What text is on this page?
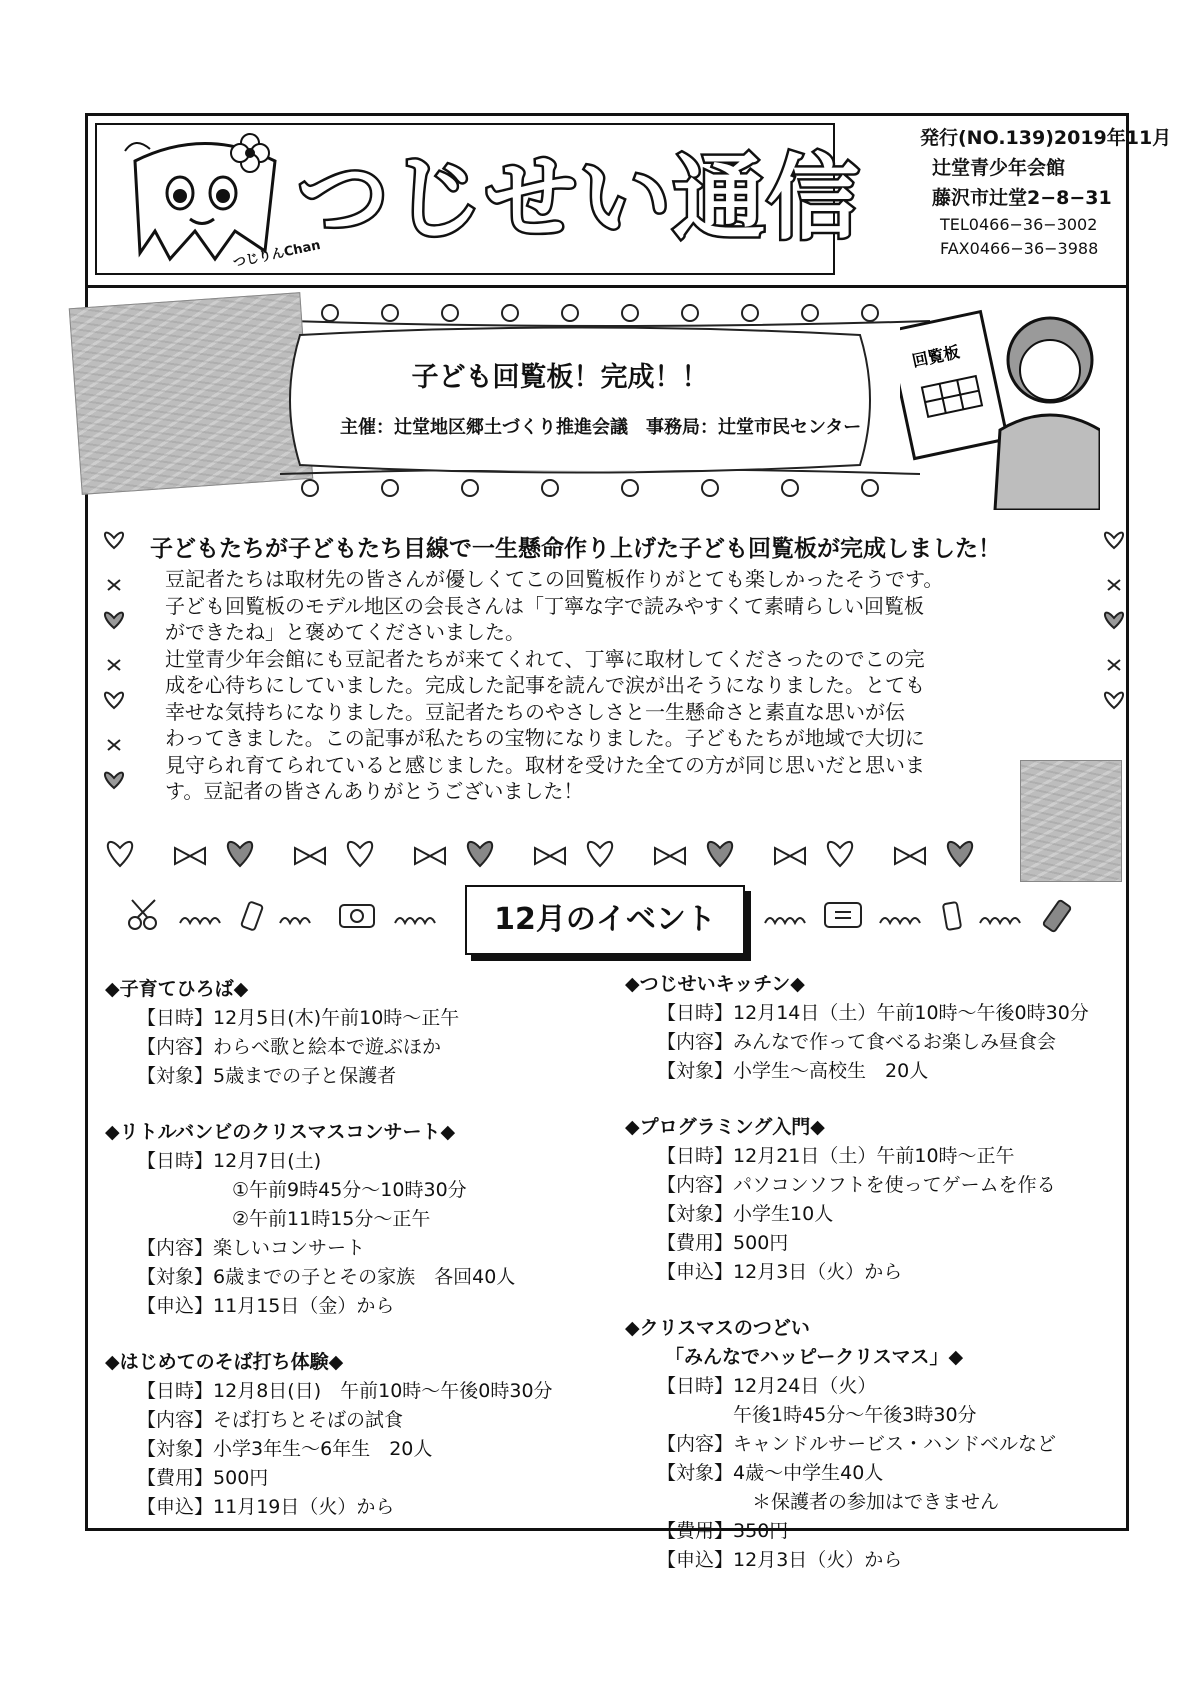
つじりんChan
つじせい通信
発行(NO.139)2019年11月
辻堂青少年会館
藤沢市辻堂2−8−31
TEL0466−36−3002
FAX0466−36−3988
子ども回覧板！完成！！
主催：辻堂地区郷土づくり推進会議　事務局：辻堂市民センター
回覧板
子どもたちが子どもたち目線で一生懸命作り上げた子ども回覧板が完成しました！

豆記者たちは取材先の皆さんが優しくてこの回覧板作りがとても楽しかったそうです。

子ども回覧板のモデル地区の会長さんは「丁寧な字で読みやすくて素晴らしい回覧板

ができたね」と褒めてくださいました。

辻堂青少年会館にも豆記者たちが来てくれて、丁寧に取材してくださったのでこの完

成を心待ちにしていました。完成した記事を読んで涙が出そうになりました。とても

幸せな気持ちになりました。豆記者たちのやさしさと一生懸命さと素直な思いが伝

わってきました。この記事が私たちの宝物になりました。子どもたちが地域で大切に

見守られ育てられていると感じました。取材を受けた全ての方が同じ思いだと思いま

す。豆記者の皆さんありがとうございました！

12月のイベント
◆子育てひろば◆
【日時】12月5日(木)午前10時～正午
【内容】わらべ歌と絵本で遊ぶほか
【対象】5歳までの子と保護者
◆リトルバンビのクリスマスコンサート◆
【日時】12月7日(土)
　　　　　①午前9時45分～10時30分
　　　　　②午前11時15分～正午
【内容】楽しいコンサート
【対象】6歳までの子とその家族　各回40人
【申込】11月15日（金）から
◆はじめてのそば打ち体験◆
【日時】12月8日(日)　午前10時～午後0時30分
【内容】そば打ちとそばの試食
【対象】小学3年生～6年生　20人
【費用】500円
【申込】11月19日（火）から
◆つじせいキッチン◆
【日時】12月14日（土）午前10時～午後0時30分
【内容】みんなで作って食べるお楽しみ昼食会
【対象】小学生～高校生　20人
◆プログラミング入門◆
【日時】12月21日（土）午前10時～正午
【内容】パソコンソフトを使ってゲームを作る
【対象】小学生10人
【費用】500円
【申込】12月3日（火）から
◆クリスマスのつどい
「みんなでハッピークリスマス」◆
【日時】12月24日（火）
　　　　午後1時45分～午後3時30分
【内容】キャンドルサービス・ハンドベルなど
【対象】4歳～中学生40人
　　　　　＊保護者の参加はできません
【費用】350円
【申込】12月3日（火）から
